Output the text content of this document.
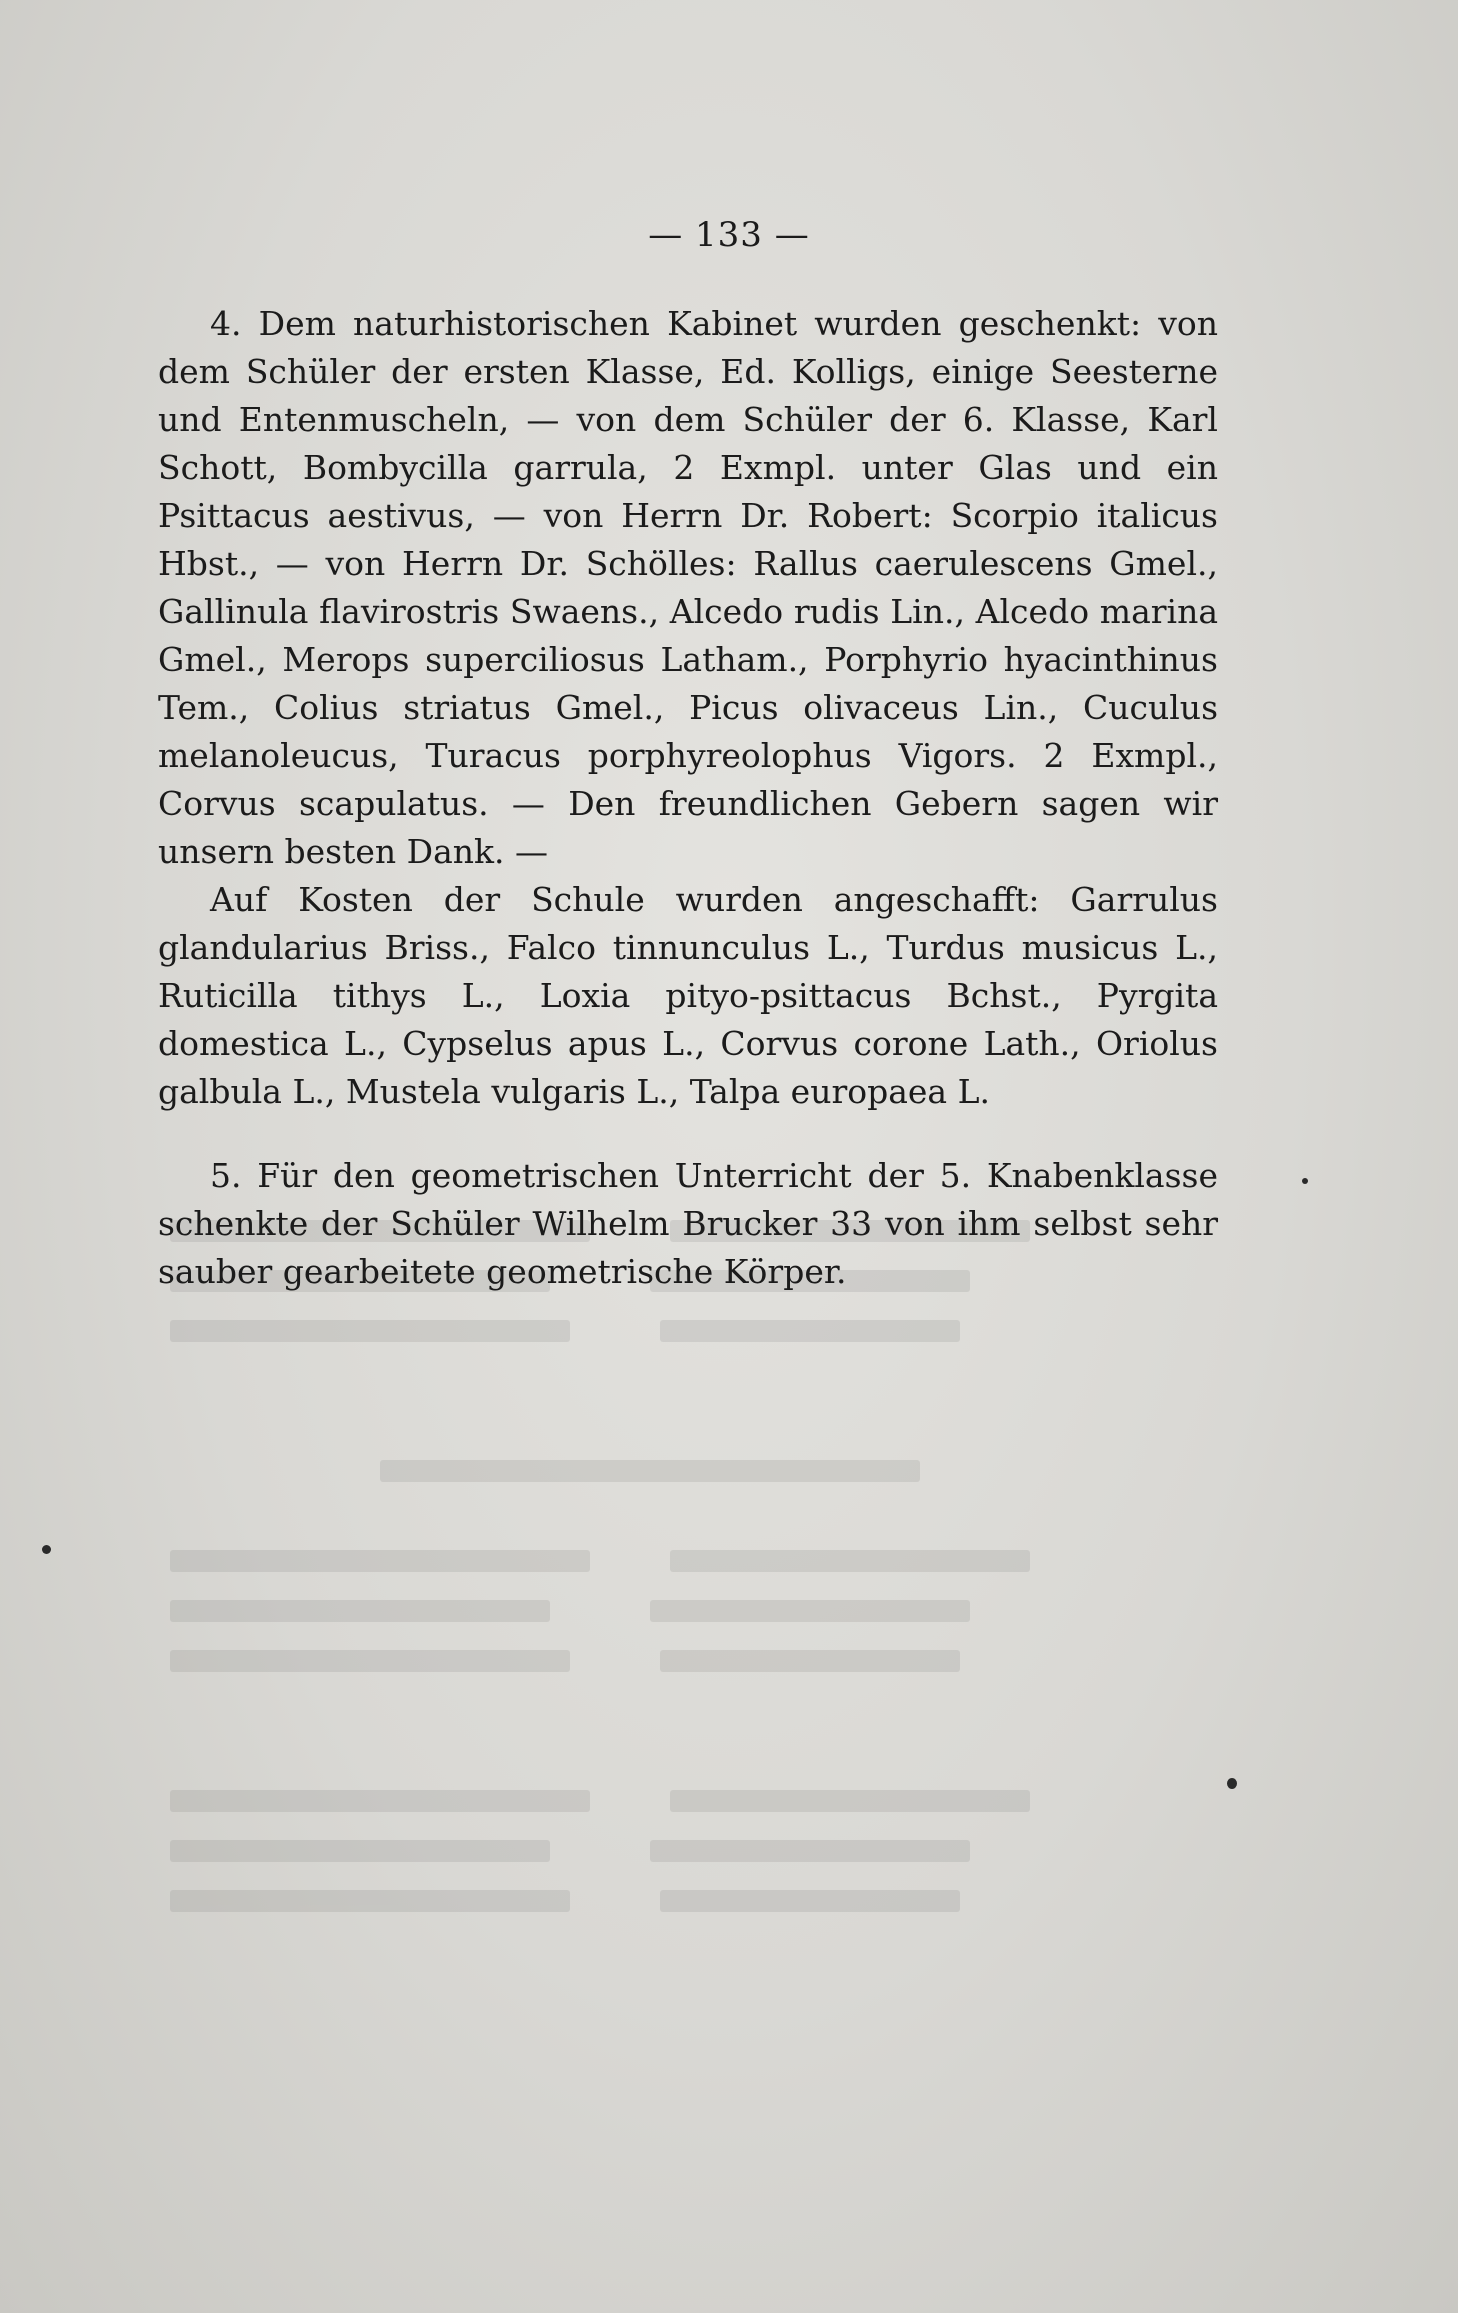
— 133 —

4. Dem naturhistorischen Kabinet wurden geschenkt: von dem Schüler der ersten Klasse, Ed. Kolligs, einige Seesterne und Entenmuscheln, — von dem Schüler der 6. Klasse, Karl Schott, Bombycilla garrula, 2 Exmpl. unter Glas und ein Psittacus aestivus, — von Herrn Dr. Robert: Scorpio italicus Hbst., — von Herrn Dr. Schölles: Rallus caerulescens Gmel., Gallinula flavirostris Swaens., Alcedo rudis Lin., Alcedo marina Gmel., Merops superciliosus Latham., Porphyrio hyacinthinus Tem., Colius striatus Gmel., Picus olivaceus Lin., Cuculus melanoleucus, Turacus porphyreolophus Vigors. 2 Exmpl., Corvus scapulatus. — Den freundlichen Gebern sagen wir unsern besten Dank. —

Auf Kosten der Schule wurden angeschafft: Garrulus glandularius Briss., Falco tinnunculus L., Turdus musicus L., Ruticilla tithys L., Loxia pityo-psittacus Bchst., Pyrgita domestica L., Cypselus apus L., Corvus corone Lath., Oriolus galbula L., Mustela vulgaris L., Talpa europaea L.

5. Für den geometrischen Unterricht der 5. Knabenklasse schenkte der Schüler Wilhelm Brucker 33 von ihm selbst sehr sauber gearbeitete geometrische Körper.
